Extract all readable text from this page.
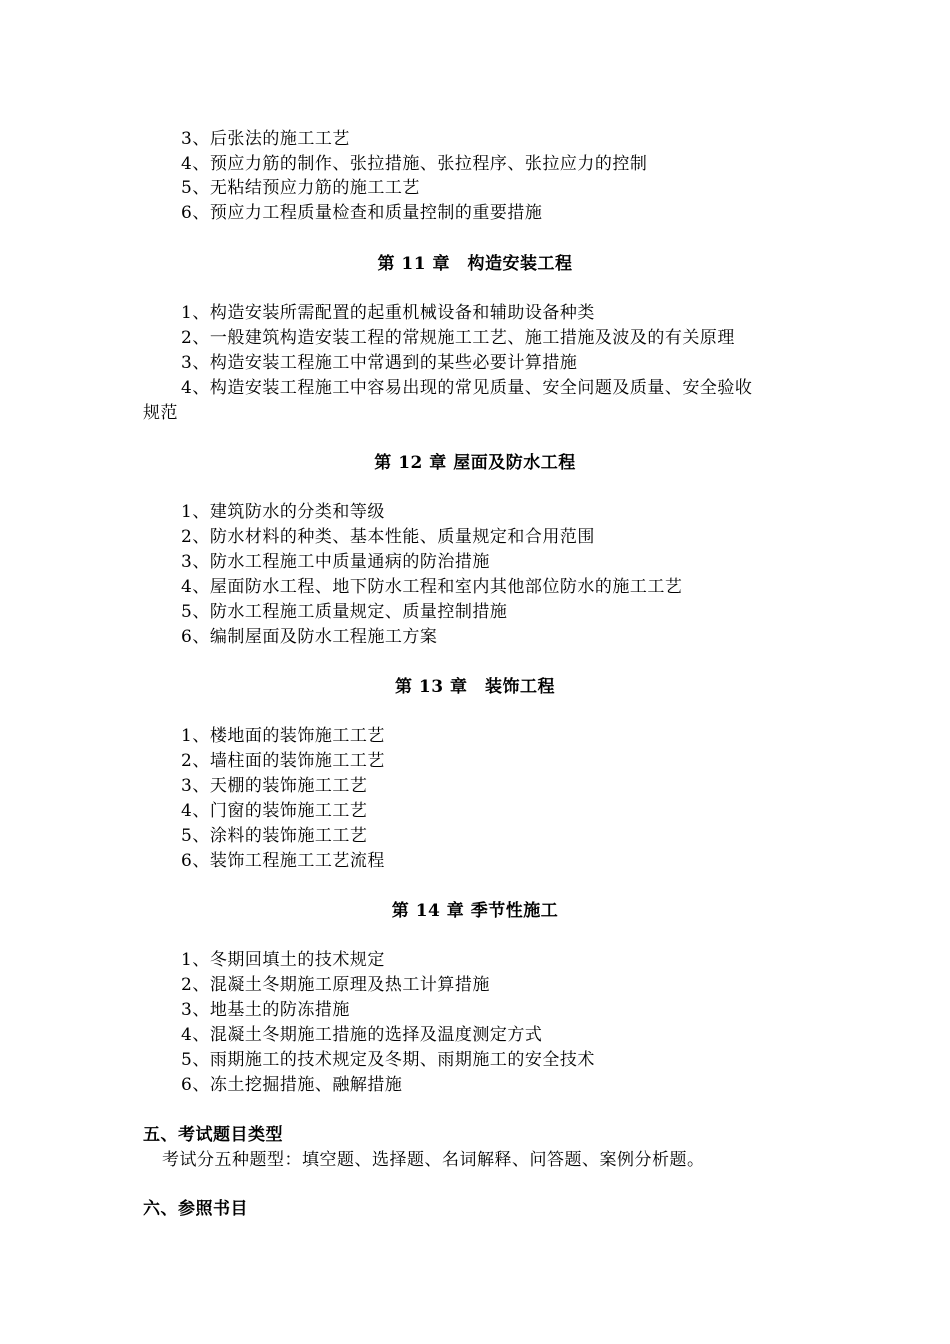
3、后张法的施工工艺
4、预应力筋的制作、张拉措施、张拉程序、张拉应力的控制
5、无粘结预应力筋的施工工艺
6、预应力工程质量检查和质量控制的重要措施
第 11 章　构造安装工程
1、构造安装所需配置的起重机械设备和辅助设备种类
2、一般建筑构造安装工程的常规施工工艺、施工措施及波及的有关原理
3、构造安装工程施工中常遇到的某些必要计算措施
4、构造安装工程施工中容易出现的常见质量、安全问题及质量、安全验收
规范
第 12 章 屋面及防水工程
1、建筑防水的分类和等级
2、防水材料的种类、基本性能、质量规定和合用范围
3、防水工程施工中质量通病的防治措施
4、屋面防水工程、地下防水工程和室内其他部位防水的施工工艺
5、防水工程施工质量规定、质量控制措施
6、编制屋面及防水工程施工方案
第 13 章　装饰工程
1、楼地面的装饰施工工艺
2、墙柱面的装饰施工工艺
3、天棚的装饰施工工艺
4、门窗的装饰施工工艺
5、涂料的装饰施工工艺
6、装饰工程施工工艺流程
第 14 章 季节性施工
1、冬期回填土的技术规定
2、混凝土冬期施工原理及热工计算措施
3、地基土的防冻措施
4、混凝土冬期施工措施的选择及温度测定方式
5、雨期施工的技术规定及冬期、雨期施工的安全技术
6、冻土挖掘措施、融解措施
五、考试题目类型
考试分五种题型：填空题、选择题、名词解释、问答题、案例分析题。
六、参照书目
